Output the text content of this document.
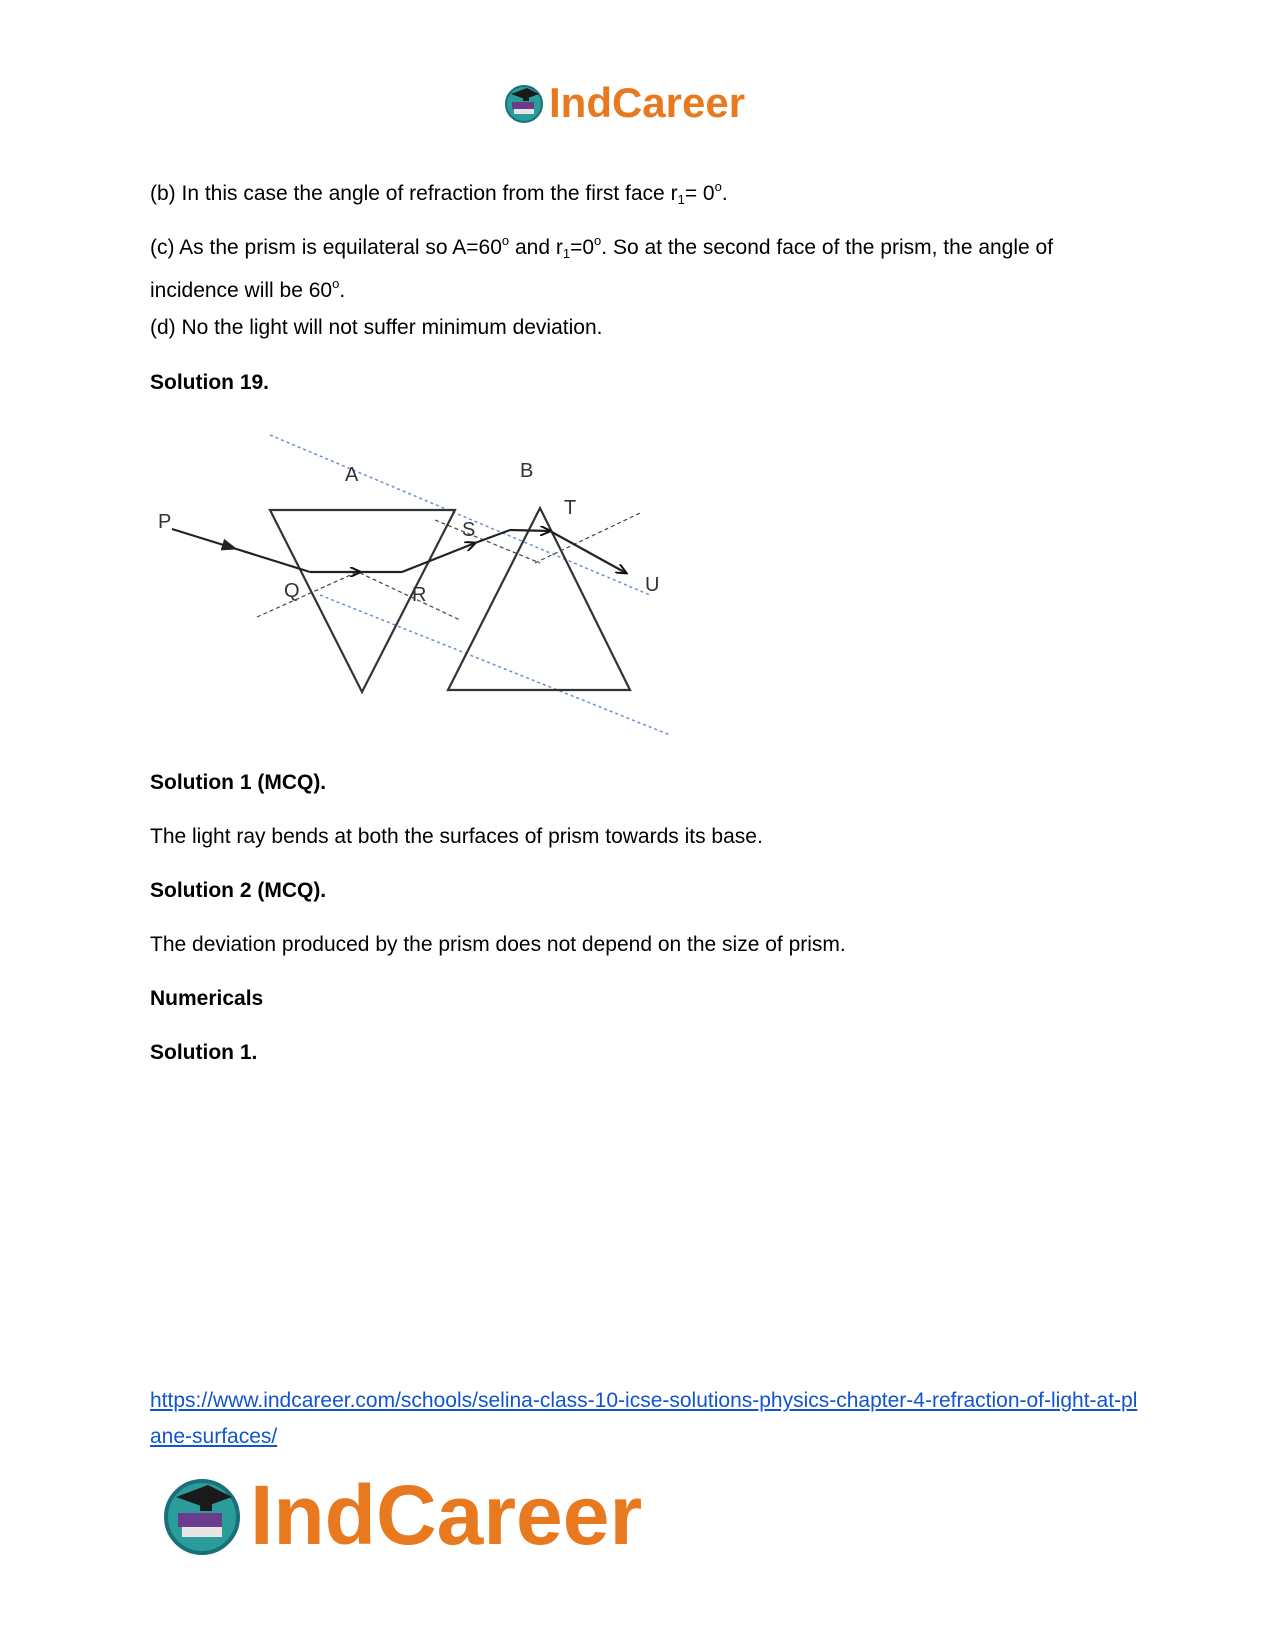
IndCareer

(b) In this case the angle of refraction from the first face $r_1= 0^o$.

(c) As the prism is equilateral so $A=60^o$ and $r_1=0^o$. So at the second face of the prism, the angle of incidence will be 60$^o$.

(d) No the light will not suffer minimum deviation.

Solution 19.

A	B
P
Q	R
S
T
U

Solution 1 (MCQ).

The light ray bends at both the surfaces of prism towards its base.

Solution 2 (MCQ).

The deviation produced by the prism does not depend on the size of prism.

Numericals

Solution 1.

https://www.indcareer.com/schools/selina-class-10-icse-solutions-physics-chapter-4-refraction-of-light-at-plane-surfaces/
IndCareer
